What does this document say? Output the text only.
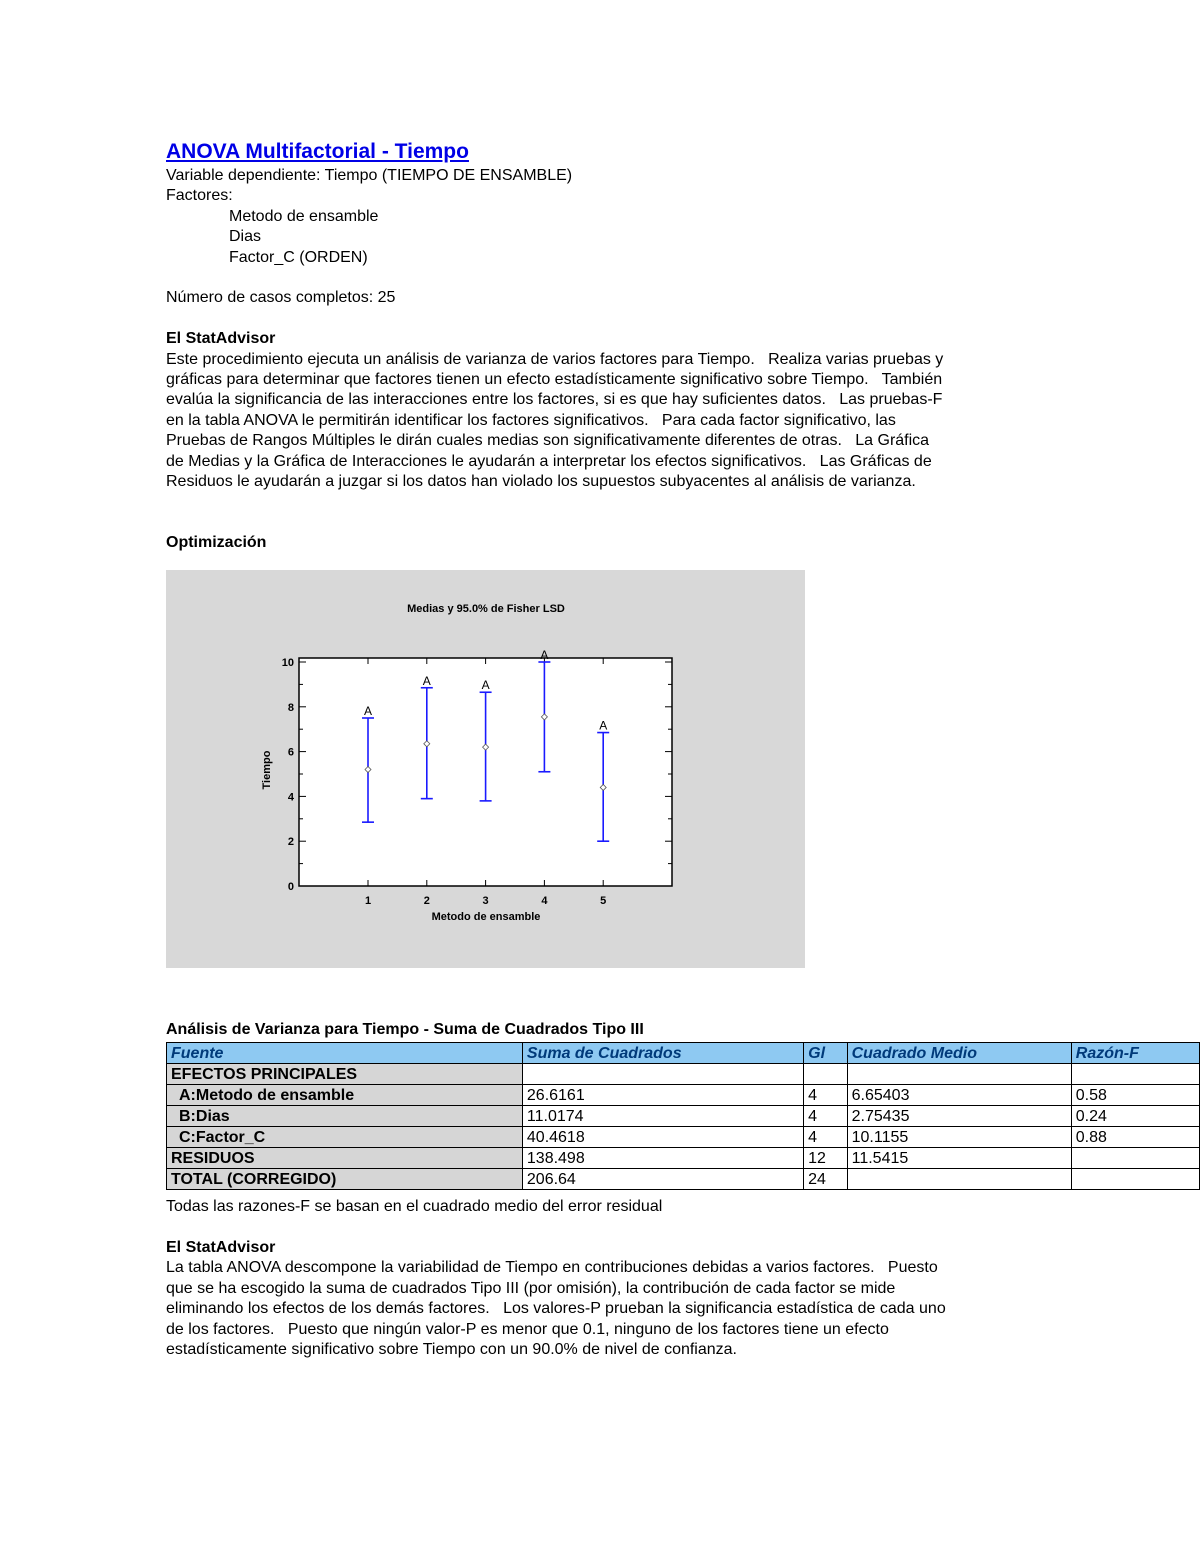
ANOVA Multifactorial - Tiempo
Variable dependiente: Tiempo (TIEMPO DE ENSAMBLE)
Factores:
Metodo de ensamble
Dias
Factor_C (ORDEN)
Número de casos completos: 25
El StatAdvisor
Este procedimiento ejecuta un análisis de varianza de varios factores para Tiempo.   Realiza varias pruebas y
gráficas para determinar que factores tienen un efecto estadísticamente significativo sobre Tiempo.   También
evalúa la significancia de las interacciones entre los factores, si es que hay suficientes datos.   Las pruebas-F
en la tabla ANOVA le permitirán identificar los factores significativos.   Para cada factor significativo, las
Pruebas de Rangos Múltiples le dirán cuales medias son significativamente diferentes de otras.   La Gráfica
de Medias y la Gráfica de Interacciones le ayudarán a interpretar los efectos significativos.   Las Gráficas de
Residuos le ayudarán a juzgar si los datos han violado los supuestos subyacentes al análisis de varianza.
Optimización
Medias y 95.0% de Fisher LSD
Metodo de ensamble
Tiempo
0
2
4
6
8
10
1
A
2
A
3
A
4
A
5
A
Análisis de Varianza para Tiempo - Suma de Cuadrados Tipo III
Fuente	Suma de Cuadrados	Gl	Cuadrado Medio	Razón-F
EFECTOS PRINCIPALES				
A:Metodo de ensamble	26.6161	4	6.65403	0.58
B:Dias	11.0174	4	2.75435	0.24
C:Factor_C	40.4618	4	10.1155	0.88
RESIDUOS	138.498	12	11.5415	
TOTAL (CORREGIDO)	206.64	24		
Todas las razones-F se basan en el cuadrado medio del error residual
El StatAdvisor
La tabla ANOVA descompone la variabilidad de Tiempo en contribuciones debidas a varios factores.   Puesto
que se ha escogido la suma de cuadrados Tipo III (por omisión), la contribución de cada factor se mide
eliminando los efectos de los demás factores.   Los valores-P prueban la significancia estadística de cada uno
de los factores.   Puesto que ningún valor-P es menor que 0.1, ninguno de los factores tiene un efecto
estadísticamente significativo sobre Tiempo con un 90.0% de nivel de confianza.
